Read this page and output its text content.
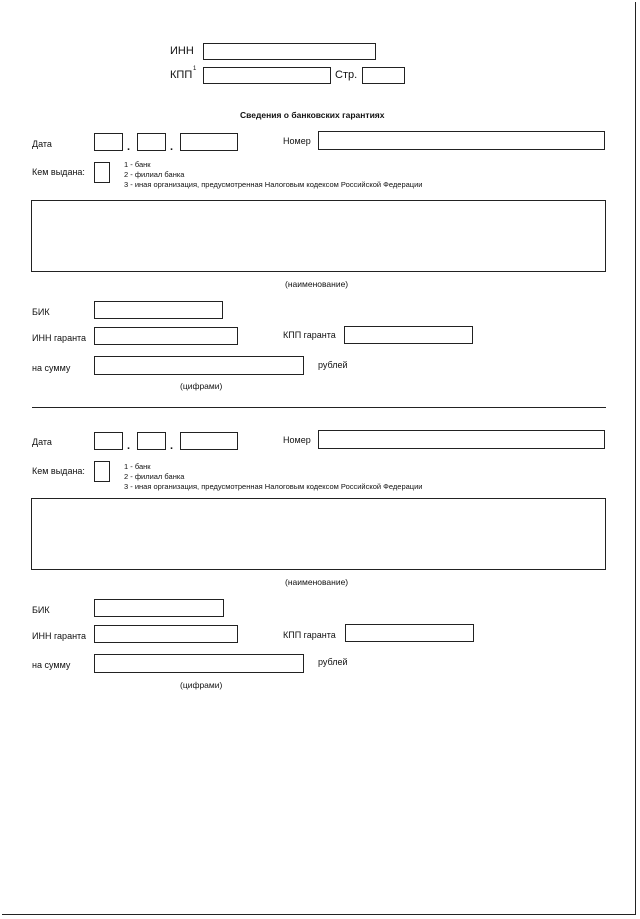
ИНН
КПП 1	Стр.
Сведения о банковских гарантиях
Дата	.	.	Номер
Кем выдана:
1 - банк
2 - филиал банка
3 - иная организация, предусмотренная Налоговым кодексом Российской Федерации
(наименование)
БИК
ИНН гаранта	КПП гаранта
на сумму	рублей
(цифрами)
Дата	.	.	Номер
Кем выдана:	1 - банк
2 - филиал банка
3 - иная организация, предусмотренная Налоговым кодексом Российской Федерации
(наименование)
БИК
ИНН гаранта	КПП гаранта
на сумму	рублей
(цифрами)
